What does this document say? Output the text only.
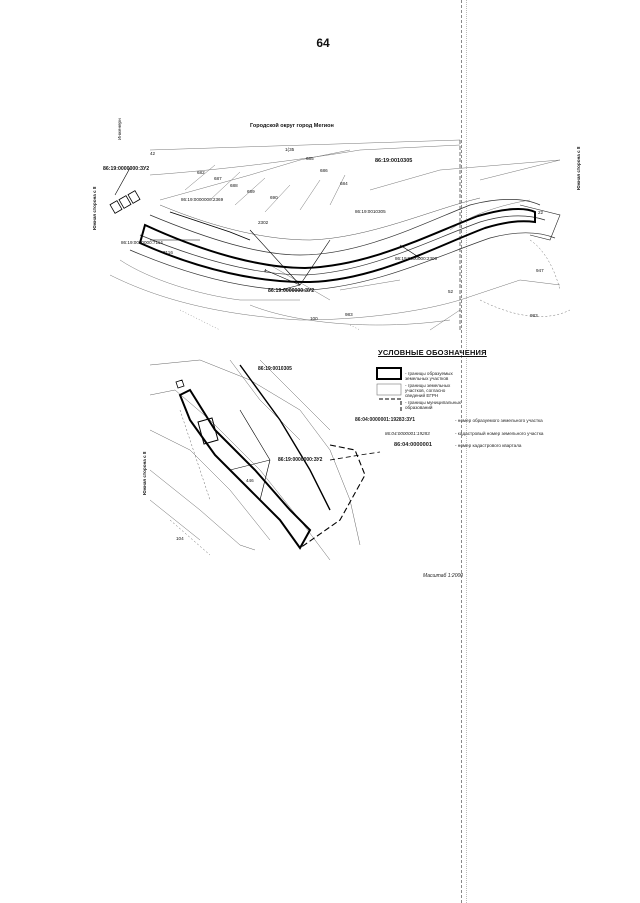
64
Городской округ город Мегион
86:19:0010305
86:19:0000000:ЗУ2
86:19:0000000:ЗУ2
86:19:0000000:2369
86:19:0000000:7114
86:19:0000000:2300
86:19:0010305
2302
7116
42
682
687
688
689
690
685
686
684
1(35
100
983
52
983
947
22
4
Инженерн
Южная сторона с 8
Южная сторона с 8
86:19:0010305
86:19:0000000:ЗУ2
Южная сторона с 8	446
104
УСЛОВНЫЕ ОБОЗНАЧЕНИЯ
- границы образуемых земельных участков
- границы земельных участков, согласно сведений ЕГРН
- границы муниципальных образований
86:04:0000001:19283:ЗУ1	- номер образуемого земельного участка
86:04:0000001:19283	- кадастровый номер земельного участка
86:04:0000001	- номер кадастрового квартала
Масштаб 1:2000
